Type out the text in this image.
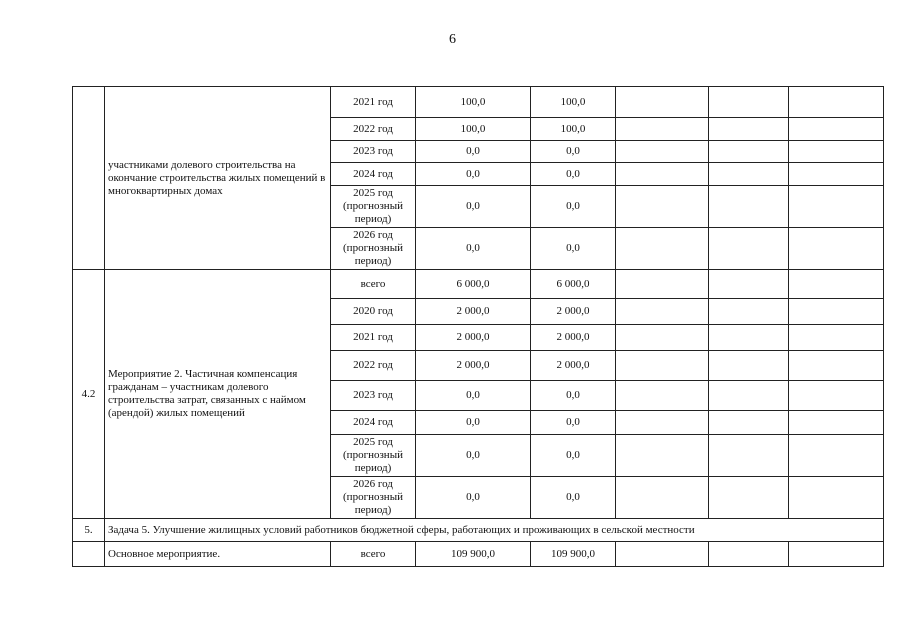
6
	участниками долевого строительства на окончание строительства жилых помещений в многоквартирных домах	2021 год	100,0	100,0			
		2022 год	100,0	100,0			
		2023 год	0,0	0,0			
		2024 год	0,0	0,0			
		2025 год (прогнозный период)	0,0	0,0			
		2026 год (прогнозный период)	0,0	0,0			
4.2	Мероприятие 2. Частичная компенсация гражданам – участникам долевого строительства затрат, связанных с наймом (арендой) жилых помещений	всего	6 000,0	6 000,0			
		2020 год	2 000,0	2 000,0			
		2021 год	2 000,0	2 000,0			
		2022 год	2 000,0	2 000,0			
		2023 год	0,0	0,0			
		2024 год	0,0	0,0			
		2025 год (прогнозный период)	0,0	0,0			
		2026 год (прогнозный период)	0,0	0,0			
5.	Задача 5. Улучшение жилищных условий работников бюджетной сферы, работающих и проживающих в сельской местности						
	Основное мероприятие.	всего	109 900,0	109 900,0			
